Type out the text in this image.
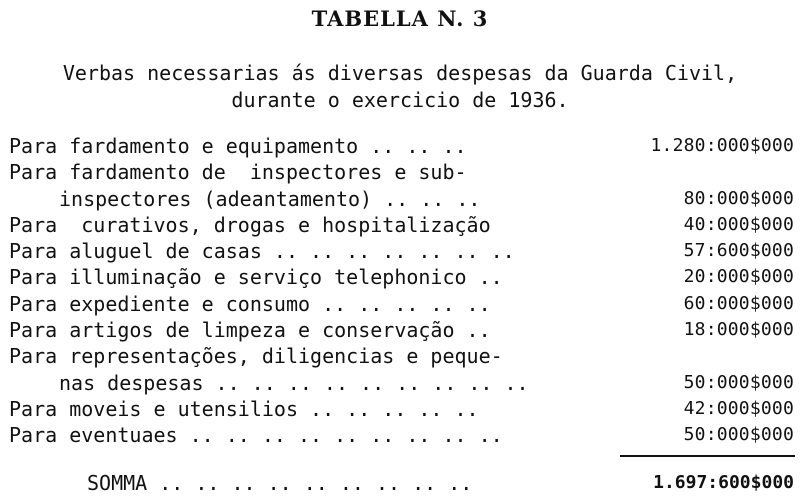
TABELLA N. 3
Verbas necessarias ás diversas despesas da Guarda Civil,
durante o exercicio de 1936.
Para fardamento e equipamento .. .. ..	1.280:000$000
Para fardamento de  inspectores e sub-
inspectores (adeantamento) .. .. ..	80:000$000
Para  curativos, drogas e hospitalização	40:000$000
Para aluguel de casas .. .. .. .. .. .. ..	57:600$000
Para illuminação e serviço telephonico ..	20:000$000
Para expediente e consumo .. .. .. .. ..	60:000$000
Para artigos de limpeza e conservação ..	18:000$000
Para representações, diligencias e peque-
nas despesas .. .. .. .. .. .. .. .. ..	50:000$000
Para moveis e utensilios .. .. .. .. ..	42:000$000
Para eventuaes .. .. .. .. .. .. .. .. ..	50:000$000
SOMMA .. .. .. .. .. .. .. .. ..	1.697:600$000
